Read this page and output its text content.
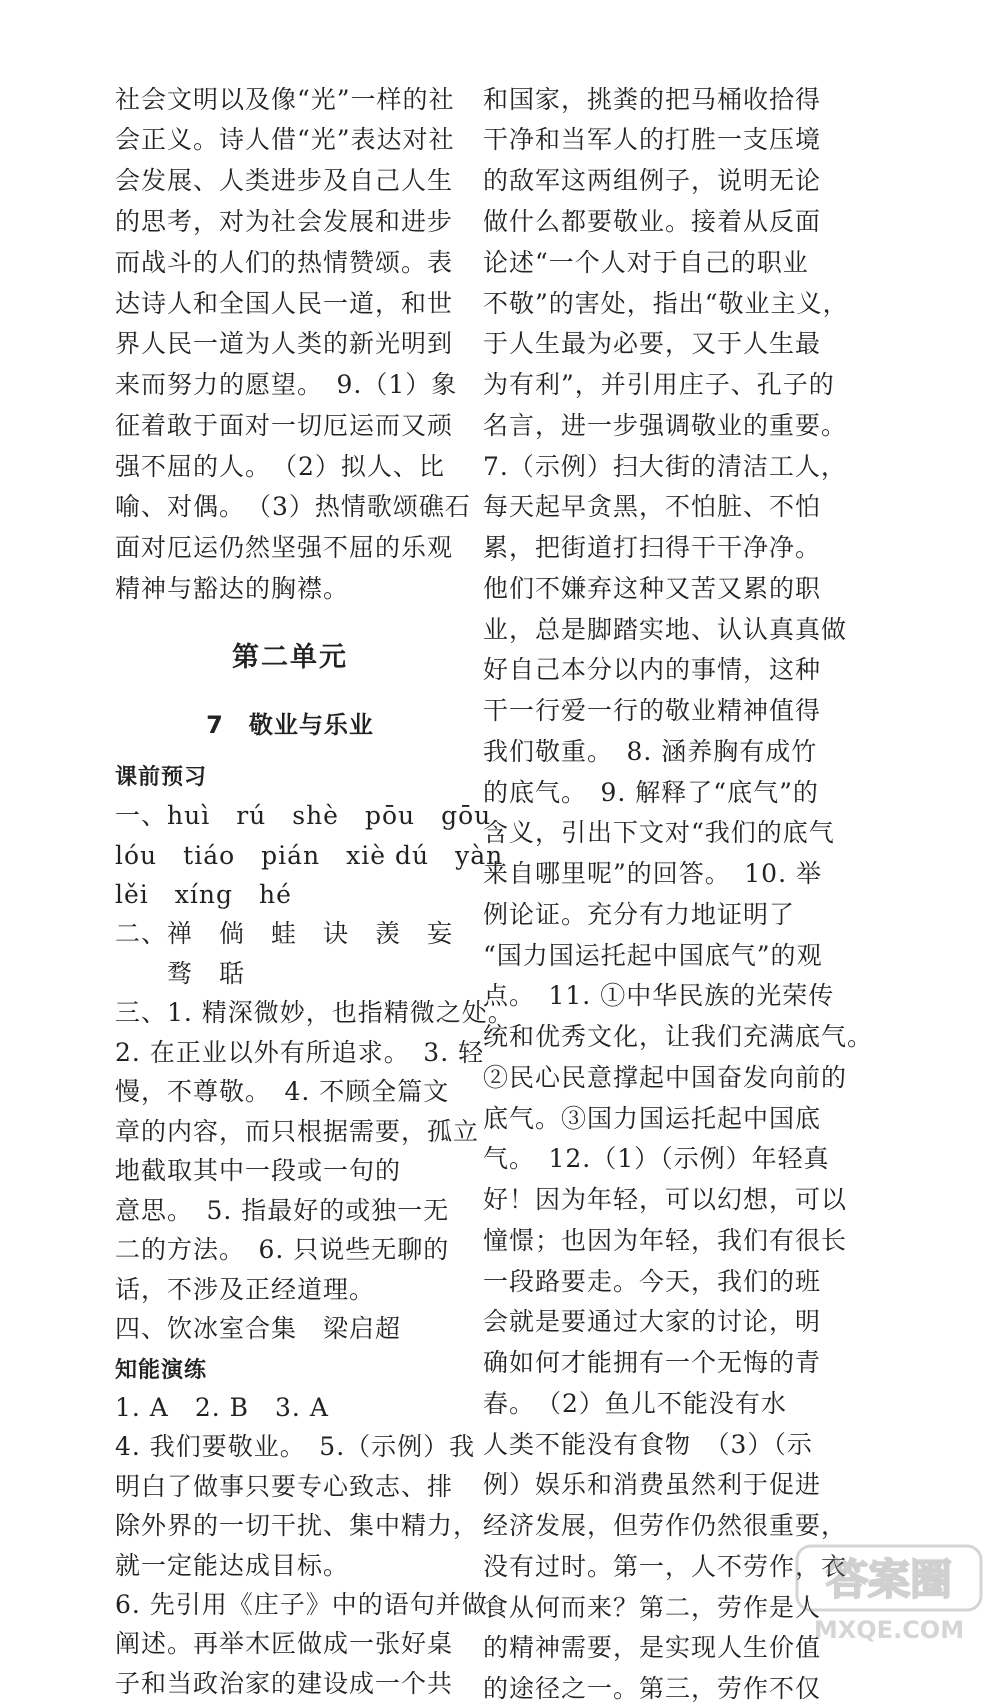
社会文明以及像“光”一样的社
会正义。诗人借“光”表达对社
会发展、人类进步及自己人生
的思考，对为社会发展和进步
而战斗的人们的热情赞颂。表
达诗人和全国人民一道，和世
界人民一道为人类的新光明到
来而努力的愿望。　9.（1）象
征着敢于面对一切厄运而又顽
强不屈的人。　（2）拟人、比
喻、对偶。　（3）热情歌颂礁石
面对厄运仍然坚强不屈的乐观
精神与豁达的胸襟。
第二单元
7　敬业与乐业
课前预习
一、huì　rú　shè　pōu　gōu
lóu　tiáo　pián　xiè dú　yàn
lěi　xíng　hé
二、禅　倘　蛙　诀　羡　妄
　　骛　聒
三、1. 精深微妙，也指精微之处。
2. 在正业以外有所追求。　3. 轻
慢，不尊敬。　4. 不顾全篇文
章的内容，而只根据需要，孤立
地截取其中一段或一句的
意思。　5. 指最好的或独一无
二的方法。　6. 只说些无聊的
话，不涉及正经道理。
四、饮冰室合集　梁启超
知能演练
1. A　2. B　3. A
4. 我们要敬业。　5.（示例）我
明白了做事只要专心致志、排
除外界的一切干扰、集中精力，
就一定能达成目标。
6. 先引用《庄子》中的语句并做
阐述。再举木匠做成一张好桌
子和当政治家的建设成一个共
和国家，挑粪的把马桶收拾得
干净和当军人的打胜一支压境
的敌军这两组例子，说明无论
做什么都要敬业。接着从反面
论述“一个人对于自己的职业
不敬”的害处，指出“敬业主义，
于人生最为必要，又于人生最
为有利”，并引用庄子、孔子的
名言，进一步强调敬业的重要。
7.（示例）扫大街的清洁工人，
每天起早贪黑，不怕脏、不怕
累，把街道打扫得干干净净。
他们不嫌弃这种又苦又累的职
业，总是脚踏实地、认认真真做
好自己本分以内的事情，这种
干一行爱一行的敬业精神值得
我们敬重。　8. 涵养胸有成竹
的底气。　9. 解释了“底气”的
含义，引出下文对“我们的底气
来自哪里呢”的回答。　10. 举
例论证。充分有力地证明了
“国力国运托起中国底气”的观
点。　11. ①中华民族的光荣传
统和优秀文化，让我们充满底气。
②民心民意撑起中国奋发向前的
底气。③国力国运托起中国底
气。　12.（1）（示例）年轻真
好！因为年轻，可以幻想，可以
憧憬；也因为年轻，我们有很长
一段路要走。今天，我们的班
会就是要通过大家的讨论，明
确如何才能拥有一个无悔的青
春。　（2）鱼儿不能没有水
人类不能没有食物　（3）（示
例）娱乐和消费虽然利于促进
经济发展，但劳作仍然很重要，
没有过时。第一，人不劳作，衣
食从何而来？第二，劳作是人
的精神需要，是实现人生价值
的途径之一。第三，劳作不仅
答案圈
MXQE.COM
